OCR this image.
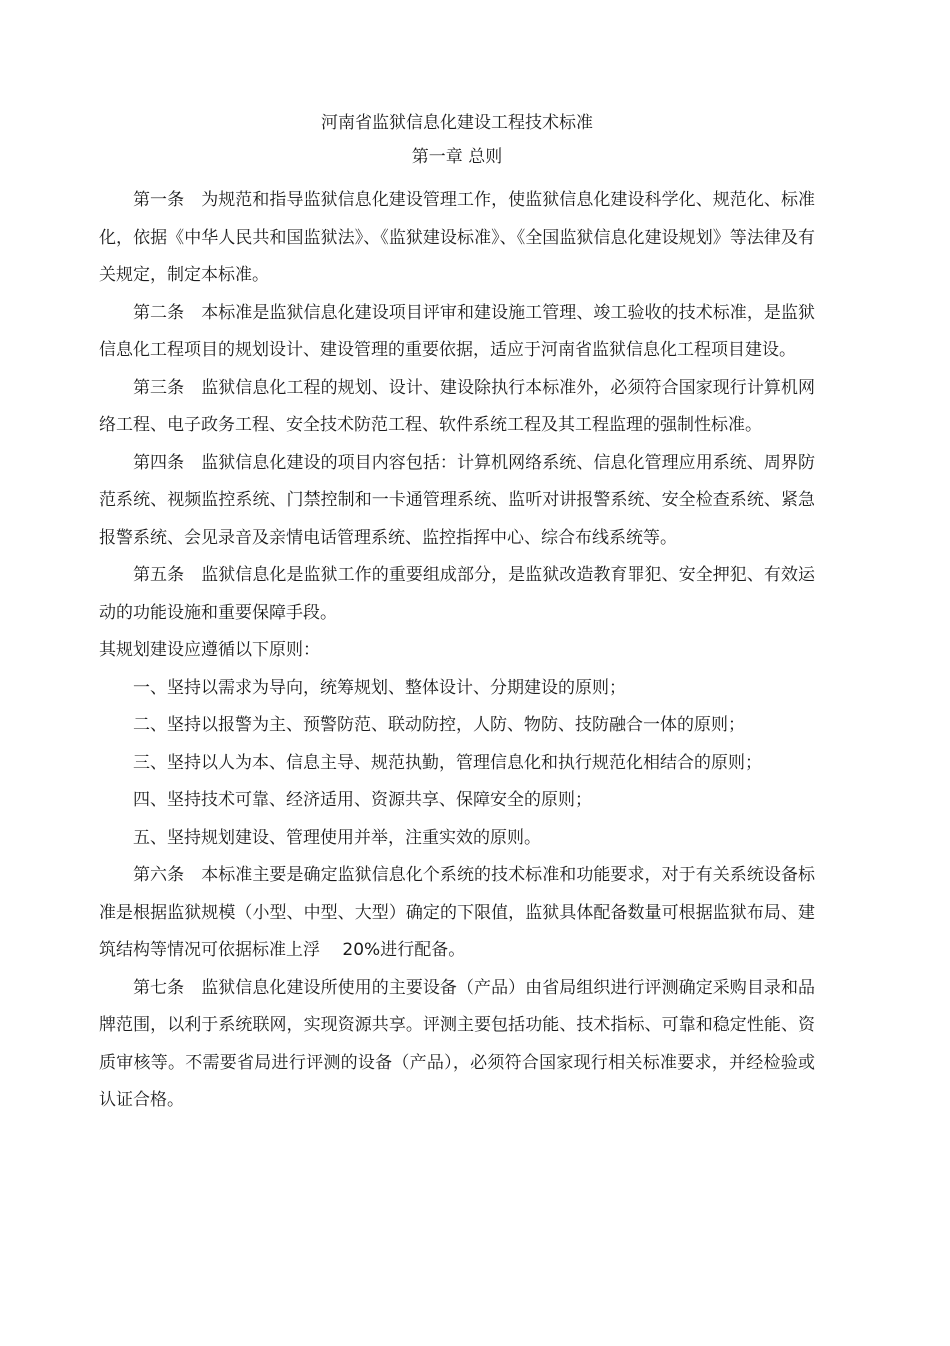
河南省监狱信息化建设工程技术标准
第一章 总则

第一条　为规范和指导监狱信息化建设管理工作，使监狱信息化建设科学化、规范化、标准化，依据《中华人民共和国监狱法》、《监狱建设标准》、《全国监狱信息化建设规划》等法律及有关规定，制定本标准。

第二条　本标准是监狱信息化建设项目评审和建设施工管理、竣工验收的技术标准，是监狱信息化工程项目的规划设计、建设管理的重要依据，适应于河南省监狱信息化工程项目建设。

第三条　监狱信息化工程的规划、设计、建设除执行本标准外，必须符合国家现行计算机网络工程、电子政务工程、安全技术防范工程、软件系统工程及其工程监理的强制性标准。

第四条　监狱信息化建设的项目内容包括：计算机网络系统、信息化管理应用系统、周界防范系统、视频监控系统、门禁控制和一卡通管理系统、监听对讲报警系统、安全检查系统、紧急报警系统、会见录音及亲情电话管理系统、监控指挥中心、综合布线系统等。

第五条　监狱信息化是监狱工作的重要组成部分，是监狱改造教育罪犯、安全押犯、有效运动的功能设施和重要保障手段。

其规划建设应遵循以下原则：

一、坚持以需求为导向，统筹规划、整体设计、分期建设的原则；

二、坚持以报警为主、预警防范、联动防控，人防、物防、技防融合一体的原则；

三、坚持以人为本、信息主导、规范执勤，管理信息化和执行规范化相结合的原则；

四、坚持技术可靠、经济适用、资源共享、保障安全的原则；

五、坚持规划建设、管理使用并举，注重实效的原则。

第六条　本标准主要是确定监狱信息化个系统的技术标准和功能要求，对于有关系统设备标准是根据监狱规模（小型、中型、大型）确定的下限值，监狱具体配备数量可根据监狱布局、建筑结构等情况可依据标准上浮　 20%进行配备。

第七条　监狱信息化建设所使用的主要设备（产品）由省局组织进行评测确定采购目录和品牌范围，以利于系统联网，实现资源共享。评测主要包括功能、技术指标、可靠和稳定性能、资质审核等。不需要省局进行评测的设备（产品），必须符合国家现行相关标准要求，并经检验或认证合格。
